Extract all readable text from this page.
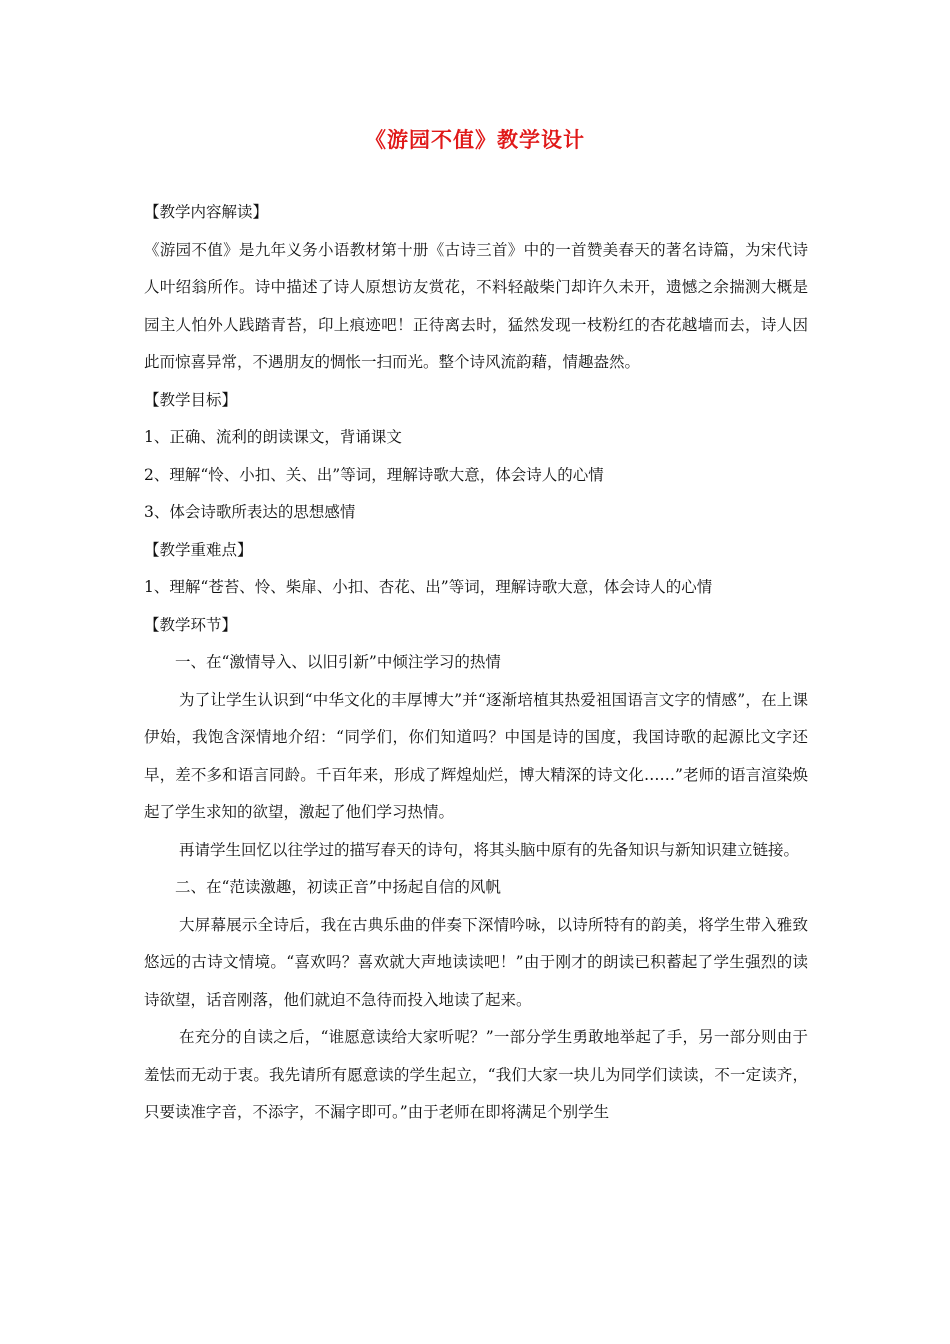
《游园不值》教学设计

【教学内容解读】

《游园不值》是九年义务小语教材第十册《古诗三首》中的一首赞美春天的著名诗篇，为宋代诗人叶绍翁所作。诗中描述了诗人原想访友赏花，不料轻敲柴门却许久未开，遗憾之余揣测大概是园主人怕外人践踏青苔，印上痕迹吧！正待离去时，猛然发现一枝粉红的杏花越墙而去，诗人因此而惊喜异常，不遇朋友的惆怅一扫而光。整个诗风流韵藉，情趣盎然。

【教学目标】

1、正确、流利的朗读课文，背诵课文

2、理解“怜、小扣、关、出”等词，理解诗歌大意，体会诗人的心情

3、体会诗歌所表达的思想感情

【教学重难点】

1、理解“苍苔、怜、柴扉、小扣、杏花、出”等词，理解诗歌大意，体会诗人的心情

【教学环节】

一、在“激情导入、以旧引新”中倾注学习的热情

为了让学生认识到“中华文化的丰厚博大”并“逐渐培植其热爱祖国语言文字的情感”，在上课伊始，我饱含深情地介绍：“同学们，你们知道吗？中国是诗的国度，我国诗歌的起源比文字还早，差不多和语言同龄。千百年来，形成了辉煌灿烂，博大精深的诗文化……”老师的语言渲染焕起了学生求知的欲望，激起了他们学习热情。

再请学生回忆以往学过的描写春天的诗句，将其头脑中原有的先备知识与新知识建立链接。

二、在“范读激趣，初读正音”中扬起自信的风帆

大屏幕展示全诗后，我在古典乐曲的伴奏下深情吟咏，以诗所特有的韵美，将学生带入雅致悠远的古诗文情境。“喜欢吗？喜欢就大声地读读吧！”由于刚才的朗读已积蓄起了学生强烈的读诗欲望，话音刚落，他们就迫不急待而投入地读了起来。

在充分的自读之后，“谁愿意读给大家听呢？”一部分学生勇敢地举起了手，另一部分则由于羞怯而无动于衷。我先请所有愿意读的学生起立，“我们大家一块儿为同学们读读，不一定读齐，只要读准字音，不添字，不漏字即可。”由于老师在即将满足个别学生
